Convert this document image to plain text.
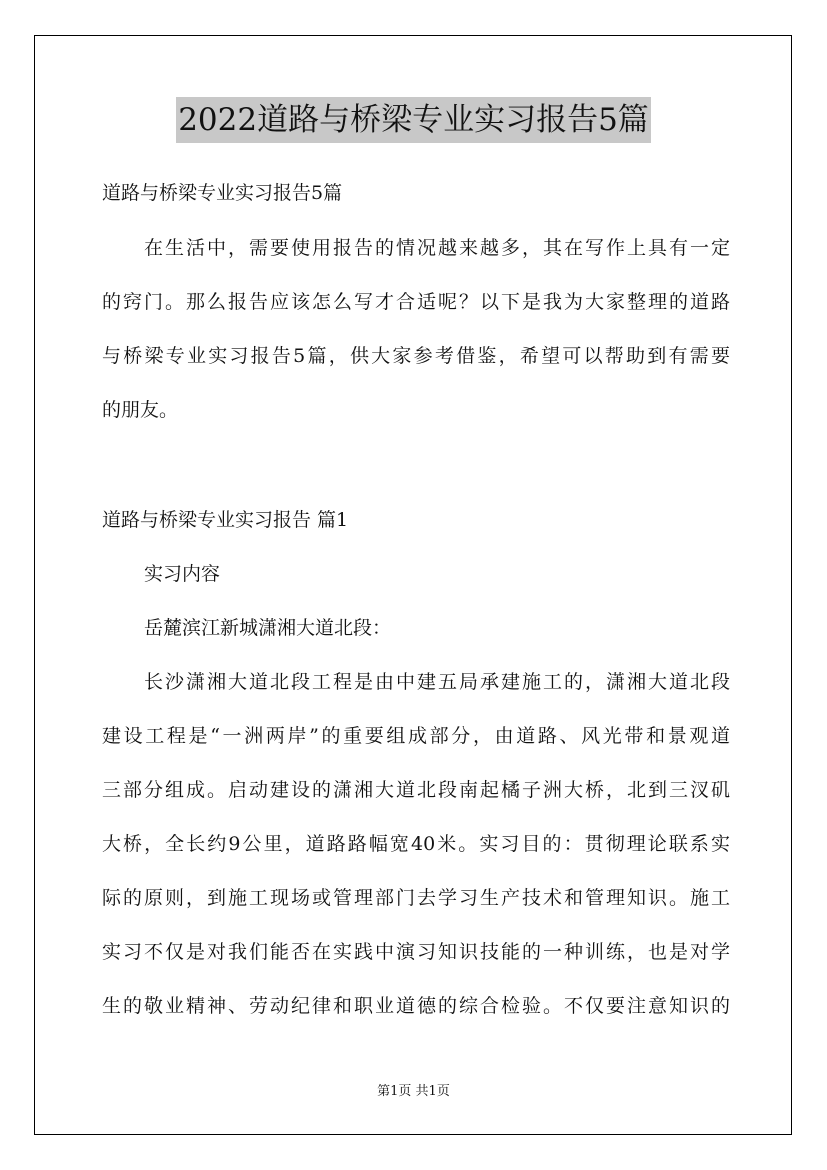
2022道路与桥梁专业实习报告5篇
道路与桥梁专业实习报告5篇
在生活中，需要使用报告的情况越来越多，其在写作上具有一定
的窍门。那么报告应该怎么写才合适呢？以下是我为大家整理的道路
与桥梁专业实习报告5篇，供大家参考借鉴，希望可以帮助到有需要
的朋友。
道路与桥梁专业实习报告 篇1
实习内容
岳麓滨江新城潇湘大道北段：
长沙潇湘大道北段工程是由中建五局承建施工的，潇湘大道北段
建设工程是“一洲两岸”的重要组成部分，由道路、风光带和景观道
三部分组成。启动建设的潇湘大道北段南起橘子洲大桥，北到三汊矶
大桥，全长约9公里，道路路幅宽40米。实习目的：贯彻理论联系实
际的原则，到施工现场或管理部门去学习生产技术和管理知识。施工
实习不仅是对我们能否在实践中演习知识技能的一种训练，也是对学
生的敬业精神、劳动纪律和职业道德的综合检验。不仅要注意知识的
第1页 共1页
